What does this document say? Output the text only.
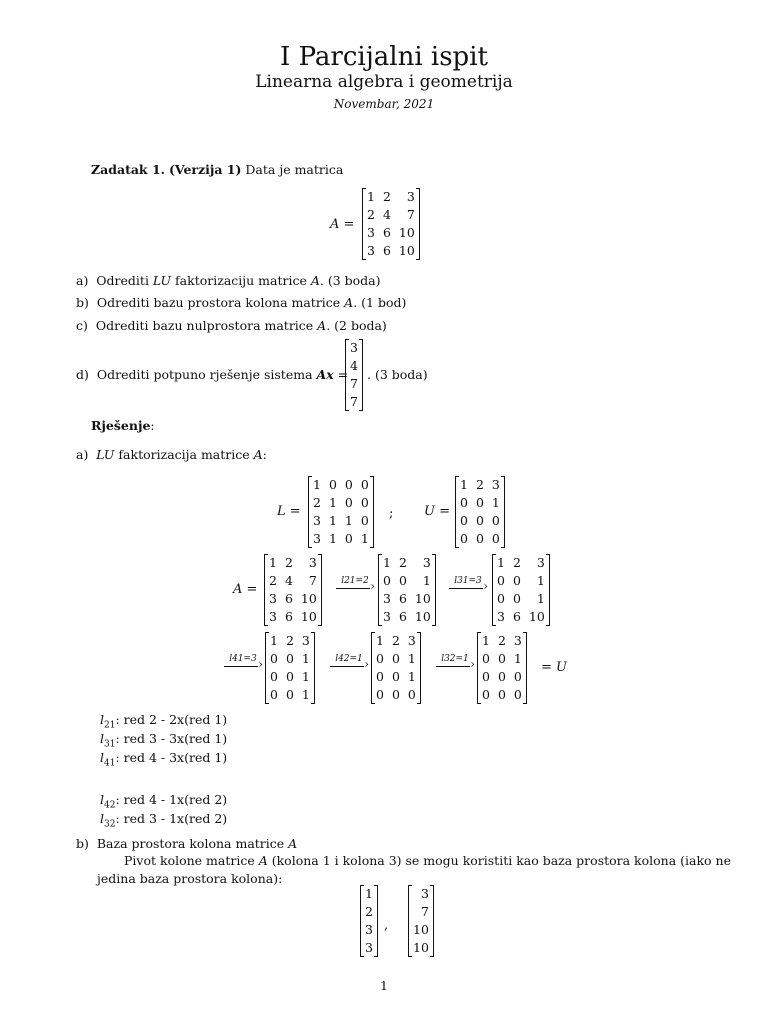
I Parcijalni ispit
Linearna algebra i geometrija
Novembar, 2021
Zadatak 1. (Verzija 1) Data je matrica
A =
1	2	3
2	4	7
3	6	10
3	6	10
a) Odrediti LU faktorizaciju matrice A. (3 boda)
b) Odrediti bazu prostora kolona matrice A. (1 bod)
c) Odrediti bazu nulprostora matrice A. (2 boda)
d) Odrediti potpuno rješenje sistema Ax =
3
4
7
7
. (3 boda)
Rješenje:
a) LU faktorizacija matrice A:
L =
1	0	0	0
2	1	0	0
3	1	1	0
3	1	0	1
; U =
1	2	3
0	0	1
0	0	0
0	0	0
A =
1	2	3
2	4	7
3	6	10
3	6	10
l21=2
›
1	2	3
0	0	1
3	6	10
3	6	10
l31=3
›
1	2	3
0	0	1
0	0	1
3	6	10
l41=3
›
1	2	3
0	0	1
0	0	1
0	0	1
l42=1
›
1	2	3
0	0	1
0	0	1
0	0	0
l32=1
›
1	2	3
0	0	1
0	0	0
0	0	0
= U
$l_{21}$: red 2 - 2x(red 1)
$l_{31}$: red 3 - 3x(red 1)
$l_{41}$: red 4 - 3x(red 1)
$l_{42}$: red 4 - 1x(red 2)
$l_{32}$: red 3 - 1x(red 2)
b) Baza prostora kolona matrice A
Pivot kolone matrice A (kolona 1 i kolona 3) se mogu koristiti kao baza prostora kolona (iako ne
jedina baza prostora kolona):
1
2
3
3
,
3
7
10
10
1
